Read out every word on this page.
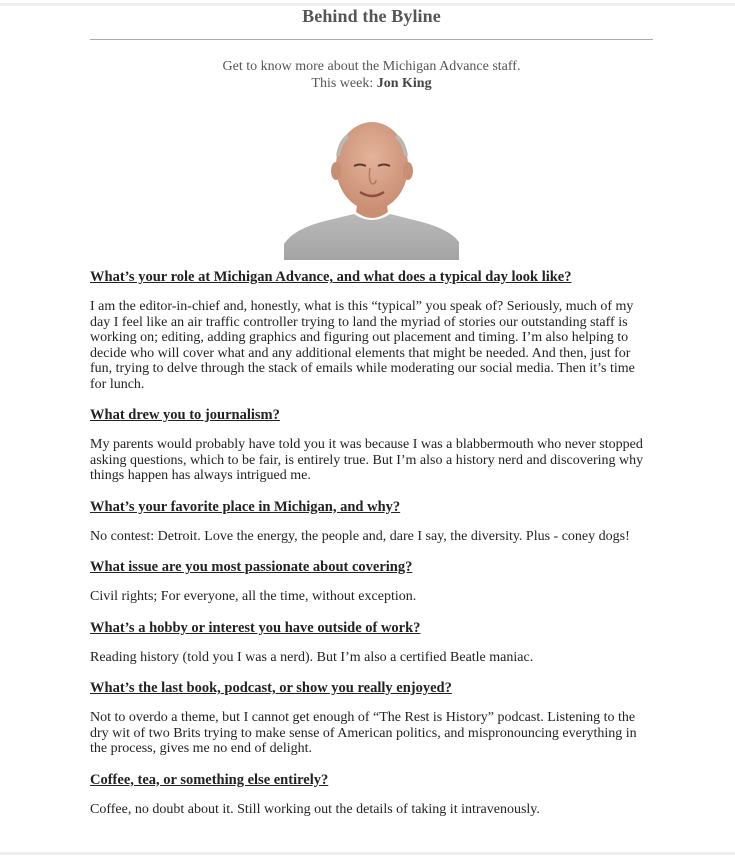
Behind the Byline
Get to know more about the Michigan Advance staff.
This week: Jon King

What’s your role at Michigan Advance, and what does a typical day look like?

I am the editor-in-chief and, honestly, what is this “typical” you speak of? Seriously, much of my day I feel like an air traffic controller trying to land the myriad of stories our outstanding staff is working on; editing, adding graphics and figuring out placement and timing. I’m also helping to decide who will cover what and any additional elements that might be needed. And then, just for fun, trying to delve through the stack of emails while moderating our social media. Then it’s time for lunch.

What drew you to journalism?

My parents would probably have told you it was because I was a blabbermouth who never stopped asking questions, which to be fair, is entirely true. But I’m also a history nerd and discovering why things happen has always intrigued me.

What’s your favorite place in Michigan, and why?

No contest: Detroit. Love the energy, the people and, dare I say, the diversity. Plus - coney dogs!

What issue are you most passionate about covering?

Civil rights; For everyone, all the time, without exception.

What’s a hobby or interest you have outside of work?

Reading history (told you I was a nerd). But I’m also a certified Beatle maniac.

What’s the last book, podcast, or show you really enjoyed?

Not to overdo a theme, but I cannot get enough of “The Rest is History” podcast. Listening to the dry wit of two Brits trying to make sense of American politics, and mispronouncing everything in the process, gives me no end of delight.

Coffee, tea, or something else entirely?

Coffee, no doubt about it. Still working out the details of taking it intravenously.
